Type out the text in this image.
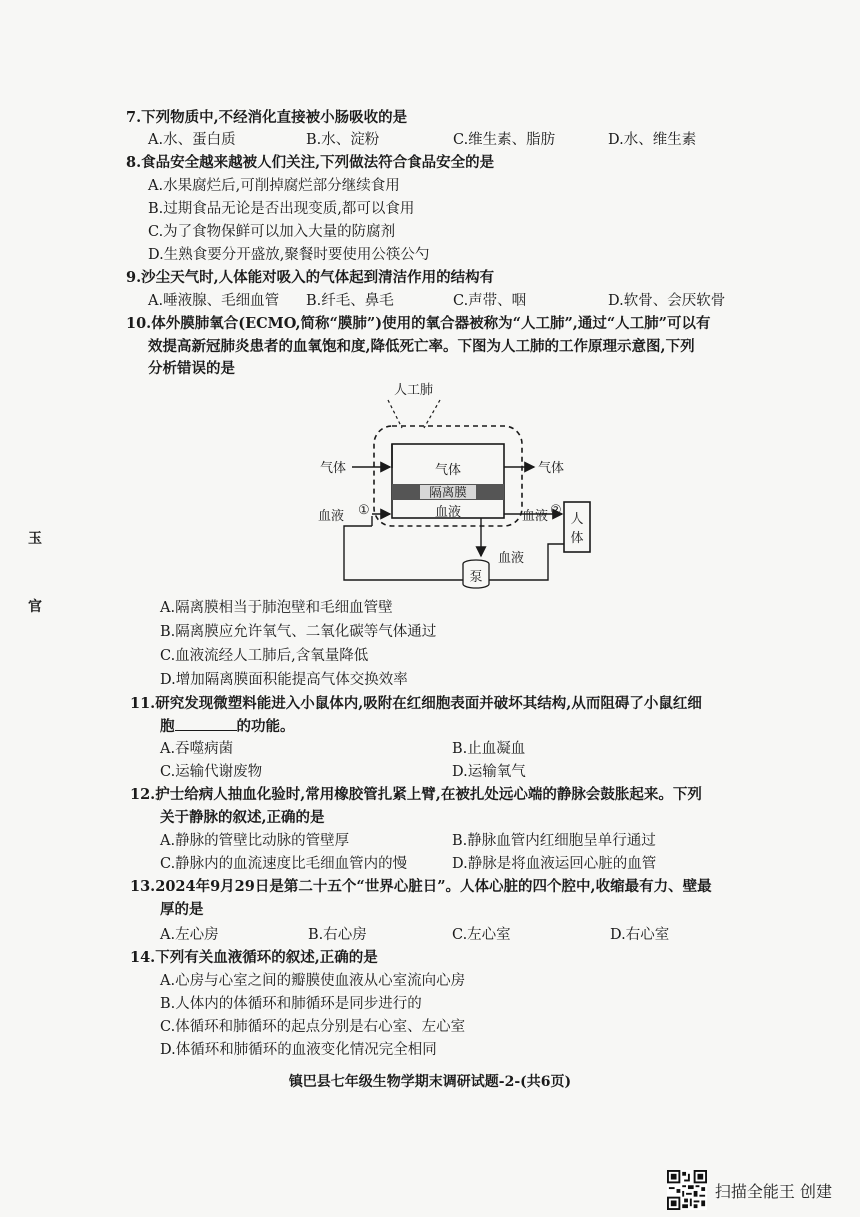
玉
官
7.下列物质中,不经消化直接被小肠吸收的是
A.水、蛋白质	B.水、淀粉	C.维生素、脂肪	D.水、维生素
8.食品安全越来越被人们关注,下列做法符合食品安全的是
A.水果腐烂后,可削掉腐烂部分继续食用
B.过期食品无论是否出现变质,都可以食用
C.为了食物保鲜可以加入大量的防腐剂
D.生熟食要分开盛放,聚餐时要使用公筷公勺
9.沙尘天气时,人体能对吸入的气体起到清洁作用的结构有
A.唾液腺、毛细血管 B.纤毛、鼻毛	C.声带、咽	D.软骨、会厌软骨
10.体外膜肺氧合(ECMO,简称“膜肺”)使用的氧合器被称为“人工肺”,通过“人工肺”可以有
效提高新冠肺炎患者的血氧饱和度,降低死亡率。下图为人工肺的工作原理示意图,下列
分析错误的是
人工肺
隔离膜
气体
血液
气体	气体
血液 ①	血液 ②
人
体
泵
血液
A.隔离膜相当于肺泡壁和毛细血管壁
B.隔离膜应允许氧气、二氧化碳等气体通过
C.血液流经人工肺后,含氧量降低
D.增加隔离膜面积能提高气体交换效率
11.研究发现微塑料能进入小鼠体内,吸附在红细胞表面并破坏其结构,从而阻碍了小鼠红细
胞	的功能。
A.吞噬病菌	B.止血凝血
C.运输代谢废物	D.运输氧气
12.护士给病人抽血化验时,常用橡胶管扎紧上臂,在被扎处远心端的静脉会鼓胀起来。下列
关于静脉的叙述,正确的是
A.静脉的管壁比动脉的管壁厚	B.静脉血管内红细胞呈单行通过
C.静脉内的血流速度比毛细血管内的慢	D.静脉是将血液运回心脏的血管
13.2024年9月29日是第二十五个“世界心脏日”。人体心脏的四个腔中,收缩最有力、壁最
厚的是
A.左心房	B.右心房	C.左心室	D.右心室
14.下列有关血液循环的叙述,正确的是
A.心房与心室之间的瓣膜使血液从心室流向心房
B.人体内的体循环和肺循环是同步进行的
C.体循环和肺循环的起点分别是右心室、左心室
D.体循环和肺循环的血液变化情况完全相同
镇巴县七年级生物学期末调研试题-2-(共6页)
扫描全能王 创建
